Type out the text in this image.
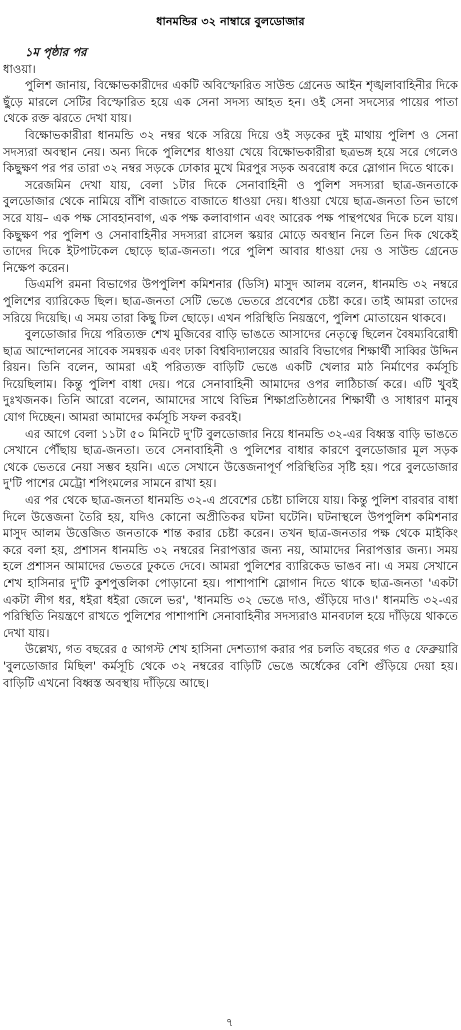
ধানমন্ডির ৩২ নাম্বারে বুলডোজার
১ম পৃষ্ঠার পর

ধাওয়া।

পুলিশ জানায়, বিক্ষোভকারীদের একটি অবিস্ফোরিত সাউন্ড গ্রেনেড আইন শৃঙ্খলাবাহিনীর দিকে ছুঁড়ে মারলে সেটির বিস্ফোরিত হয়ে এক সেনা সদস্য আহত হন। ওই সেনা সদস্যের পায়ের পাতা থেকে রক্ত ঝরতে দেখা যায়।

বিক্ষোভকারীরা ধানমন্ডি ৩২ নম্বর থকে সরিয়ে দিয়ে ওই সড়কের দুই মাথায় পুলিশ ও সেনা সদস্যরা অবস্থান নেয়। অন্য দিকে পুলিশের ধাওয়া খেয়ে বিক্ষোভকারীরা ছত্রভঙ্গ হয়ে সরে গেলেও কিছুক্ষণ পর পর তারা ৩২ নম্বর সড়কে ঢোকার মুখে মিরপুর সড়ক অবরোধ করে স্লোগান দিতে থাকে।

সরেজমিন দেখা যায়, বেলা ১টার দিকে সেনাবাহিনী ও পুলিশ সদস্যরা ছাত্র-জনতাকে বুলডোজার থেকে নামিয়ে বাঁশি বাজাতে বাজাতে ধাওয়া দেয়। ধাওয়া খেয়ে ছাত্র-জনতা তিন ভাগে সরে যায়– এক পক্ষ সোবহানবাগ, এক পক্ষ কলাবাগান এবং আরেক পক্ষ পান্থপথের দিকে চলে যায়। কিছুক্ষণ পর পুলিশ ও সেনাবাহিনীর সদস্যরা রাসেল স্কয়ার মোড়ে অবস্থান নিলে তিন দিক থেকেই তাদের দিকে ইটপাটকেল ছোড়ে ছাত্র-জনতা। পরে পুলিশ আবার ধাওয়া দেয় ও সাউন্ড গ্রেনেড নিক্ষেপ করেন।

ডিএমপি রমনা বিভাগের উপপুলিশ কমিশনার (ডিসি) মাসুদ আলম বলেন, ধানমন্ডি ৩২ নম্বরে পুলিশের ব্যারিকেড ছিল। ছাত্র-জনতা সেটি ভেঙে ভেতরে প্রবেশের চেষ্টা করে। তাই আমরা তাদের সরিয়ে দিয়েছি। এ সময় তারা কিছু ঢিল ছোড়ে। এখন পরিস্থিতি নিয়ন্ত্রণে, পুলিশ মোতায়েন থাকবে।

বুলডোজার দিয়ে পরিত্যক্ত শেখ মুজিবের বাড়ি ভাঙতে আসাদের নেতৃত্বে ছিলেন বৈষম্যবিরোধী ছাত্র আন্দোলনের সাবেক সমন্বয়ক এবং ঢাকা বিশ্ববিদ্যালয়ের আরবি বিভাগের শিক্ষার্থী সাব্বির উদ্দিন রিয়ন। তিনি বলেন, আমরা এই পরিত্যক্ত বাড়িটি ভেঙে একটি খেলার মাঠ নির্মাণের কর্মসূচি দিয়েছিলাম। কিন্তু পুলিশ বাধা দেয়। পরে সেনাবাহিনী আমাদের ওপর লাঠিচার্জ করে। এটি খুবই দুঃখজনক। তিনি আরো বলেন, আমাদের সাথে বিভিন্ন শিক্ষাপ্রতিষ্ঠানের শিক্ষার্থী ও সাধারণ মানুষ যোগ দিচ্ছেন। আমরা আমাদের কর্মসূচি সফল করবই।

এর আগে বেলা ১১টা ৫০ মিনিটে দু'টি বুলডোজার নিয়ে ধানমন্ডি ৩২-এর বিধ্বস্ত বাড়ি ভাঙতে সেখানে পৌঁছায় ছাত্র-জনতা। তবে সেনাবাহিনী ও পুলিশের বাধার কারণে বুলডোজার মূল সড়ক থেকে ভেতরে নেয়া সম্ভব হয়নি। এতে সেখানে উত্তেজনাপূর্ণ পরিস্থিতির সৃষ্টি হয়। পরে বুলডোজার দু'টি পাশের মেট্রো শপিংমলের সামনে রাখা হয়।

এর পর থেকে ছাত্র-জনতা ধানমন্ডি ৩২-এ প্রবেশের চেষ্টা চালিয়ে যায়। কিন্তু পুলিশ বারবার বাধা দিলে উত্তেজনা তৈরি হয়, যদিও কোনো অপ্রীতিকর ঘটনা ঘটেনি। ঘটনাস্থলে উপপুলিশ কমিশনার মাসুদ আলম উত্তেজিত জনতাকে শান্ত করার চেষ্টা করেন। তখন ছাত্র-জনতার পক্ষ থেকে মাইকিং করে বলা হয়, প্রশাসন ধানমন্ডি ৩২ নম্বরের নিরাপত্তার জন্য নয়, আমাদের নিরাপত্তার জন্য। সময় হলে প্রশাসন আমাদের ভেতরে ঢুকতে দেবে। আমরা পুলিশের ব্যারিকেড ভাঙব না। এ সময় সেখানে শেখ হাসিনার দু'টি কুশপুত্তলিকা পোড়ানো হয়। পাশাপাশি স্লোগান দিতে থাকে ছাত্র-জনতা 'একটা একটা লীগ ধর, ধইরা ধইরা জেলে ভর', 'ধানমন্ডি ৩২ ভেঙে দাও, গুঁড়িয়ে দাও।' ধানমন্ডি ৩২-এর পরিস্থিতি নিয়ন্ত্রণে রাখতে পুলিশের পাশাপাশি সেনাবাহিনীর সদস্যরাও মানবঢাল হয়ে দাঁড়িয়ে থাকতে দেখা যায়।

উল্লেখ্য, গত বছরের ৫ আগস্ট শেখ হাসিনা দেশত্যাগ করার পর চলতি বছরের গত ৫ ফেব্রুয়ারি 'বুলডোজার মিছিল' কর্মসূচি থেকে ৩২ নম্বরের বাড়িটি ভেঙে অর্ধেকের বেশি গুঁড়িয়ে দেয়া হয়। বাড়িটি এখনো বিধ্বস্ত অবস্থায় দাঁড়িয়ে আছে।

৭
